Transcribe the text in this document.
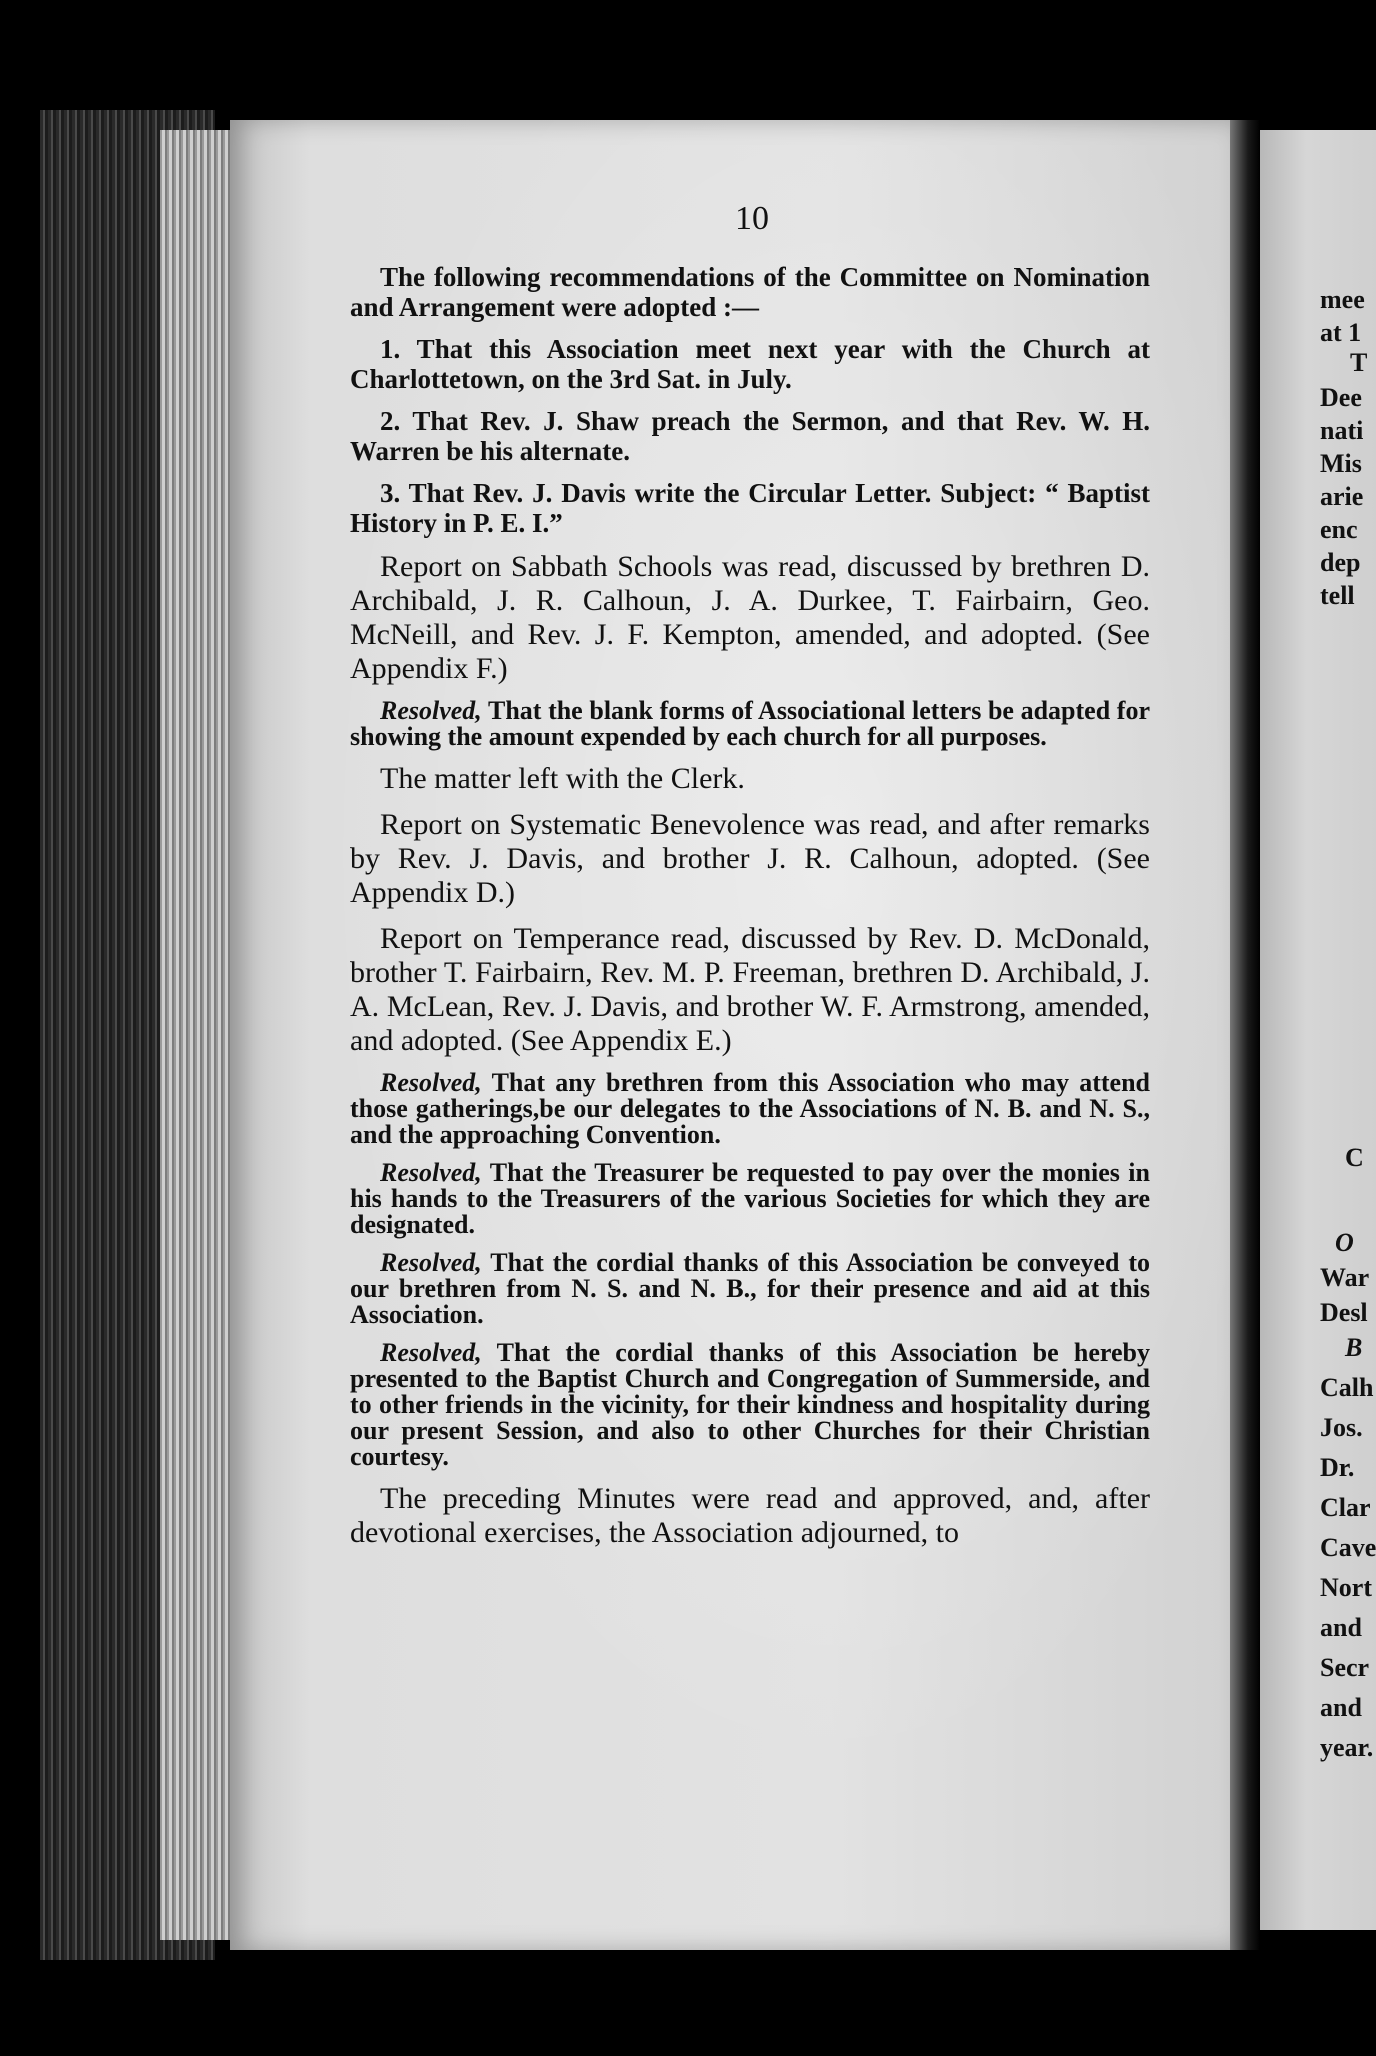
10

The following recommendations of the Committee on Nomination and Arrangement were adopted :—

1. That this Association meet next year with the Church at Charlottetown, on the 3rd Sat. in July.

2. That Rev. J. Shaw preach the Sermon, and that Rev. W. H. Warren be his alternate.

3. That Rev. J. Davis write the Circular Letter. Subject: “ Baptist History in P. E. I.”

Report on Sabbath Schools was read, discussed by brethren D. Archibald, J. R. Calhoun, J. A. Durkee, T. Fairbairn, Geo. McNeill, and Rev. J. F. Kempton, amended, and adopted. (See Appendix F.)

Resolved, That the blank forms of Associational letters be adapted for showing the amount expended by each church for all purposes.

The matter left with the Clerk.

Report on Systematic Benevolence was read, and after remarks by Rev. J. Davis, and brother J. R. Calhoun, adopted. (See Appendix D.)

Report on Temperance read, discussed by Rev. D. McDonald, brother T. Fairbairn, Rev. M. P. Freeman, brethren D. Archibald, J. A. McLean, Rev. J. Davis, and brother W. F. Armstrong, amended, and adopted. (See Appendix E.)

Resolved, That any brethren from this Association who may attend those gatherings,be our delegates to the Associations of N. B. and N. S., and the approaching Convention.

Resolved, That the Treasurer be requested to pay over the monies in his hands to the Treasurers of the various Societies for which they are designated.

Resolved, That the cordial thanks of this Association be conveyed to our brethren from N. S. and N. B., for their presence and aid at this Association.

Resolved, That the cordial thanks of this Association be hereby presented to the Baptist Church and Congregation of Summerside, and to other friends in the vicinity, for their kindness and hospitality during our present Session, and also to other Churches for their Christian courtesy.

The preceding Minutes were read and approved, and, after devotional exercises, the Association adjourned, to

mee
at 1
T
Dee
nati
Mis
arie
enc
dep
tell
C
O
War
Desl
B
Calh
Jos.
Dr.
Clar
Cave
Nort
and
Secr
and
year.
